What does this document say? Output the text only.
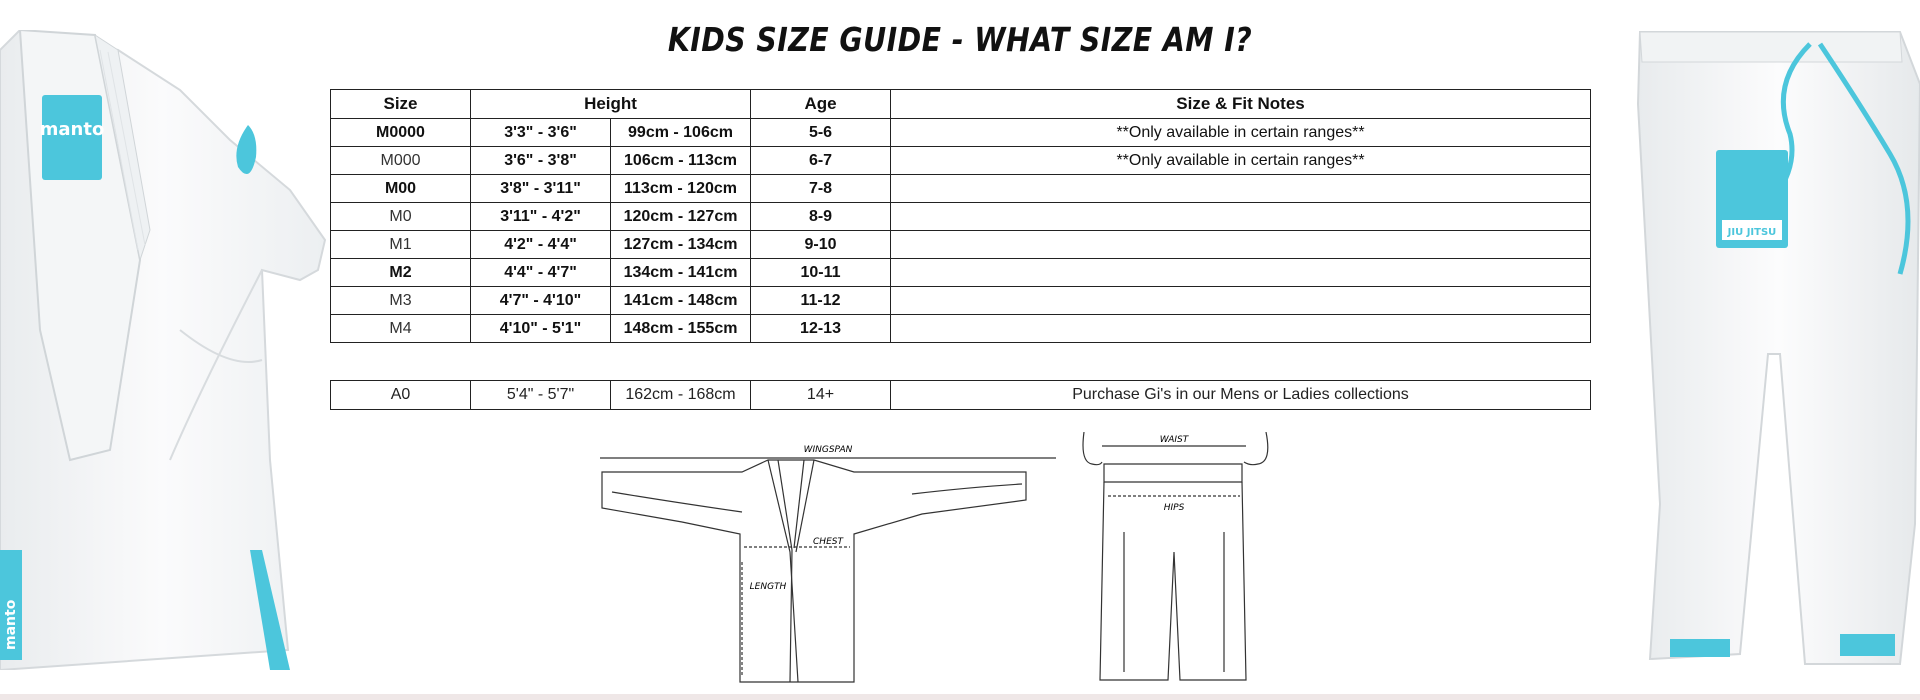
KIDS SIZE GUIDE - WHAT SIZE AM I?
manto
manto
JIU JITSU
Size	Height		Age	Size & Fit Notes
M0000	3'3" - 3'6"	99cm - 106cm	5-6	**Only available in certain ranges**
M000	3'6" - 3'8"	106cm - 113cm	6-7	**Only available in certain ranges**
M00	3'8" - 3'11"	113cm - 120cm	7-8	
M0	3'11" - 4'2"	120cm - 127cm	8-9	
M1	4'2" - 4'4"	127cm - 134cm	9-10	
M2	4'4" - 4'7"	134cm - 141cm	10-11	
M3	4'7" - 4'10"	141cm - 148cm	11-12	
M4	4'10" - 5'1"	148cm - 155cm	12-13	
A0	5'4" - 5'7"	162cm - 168cm	14+	Purchase Gi's in our Mens or Ladies collections
WINGSPAN
CHEST
LENGTH
WAIST
HIPS
